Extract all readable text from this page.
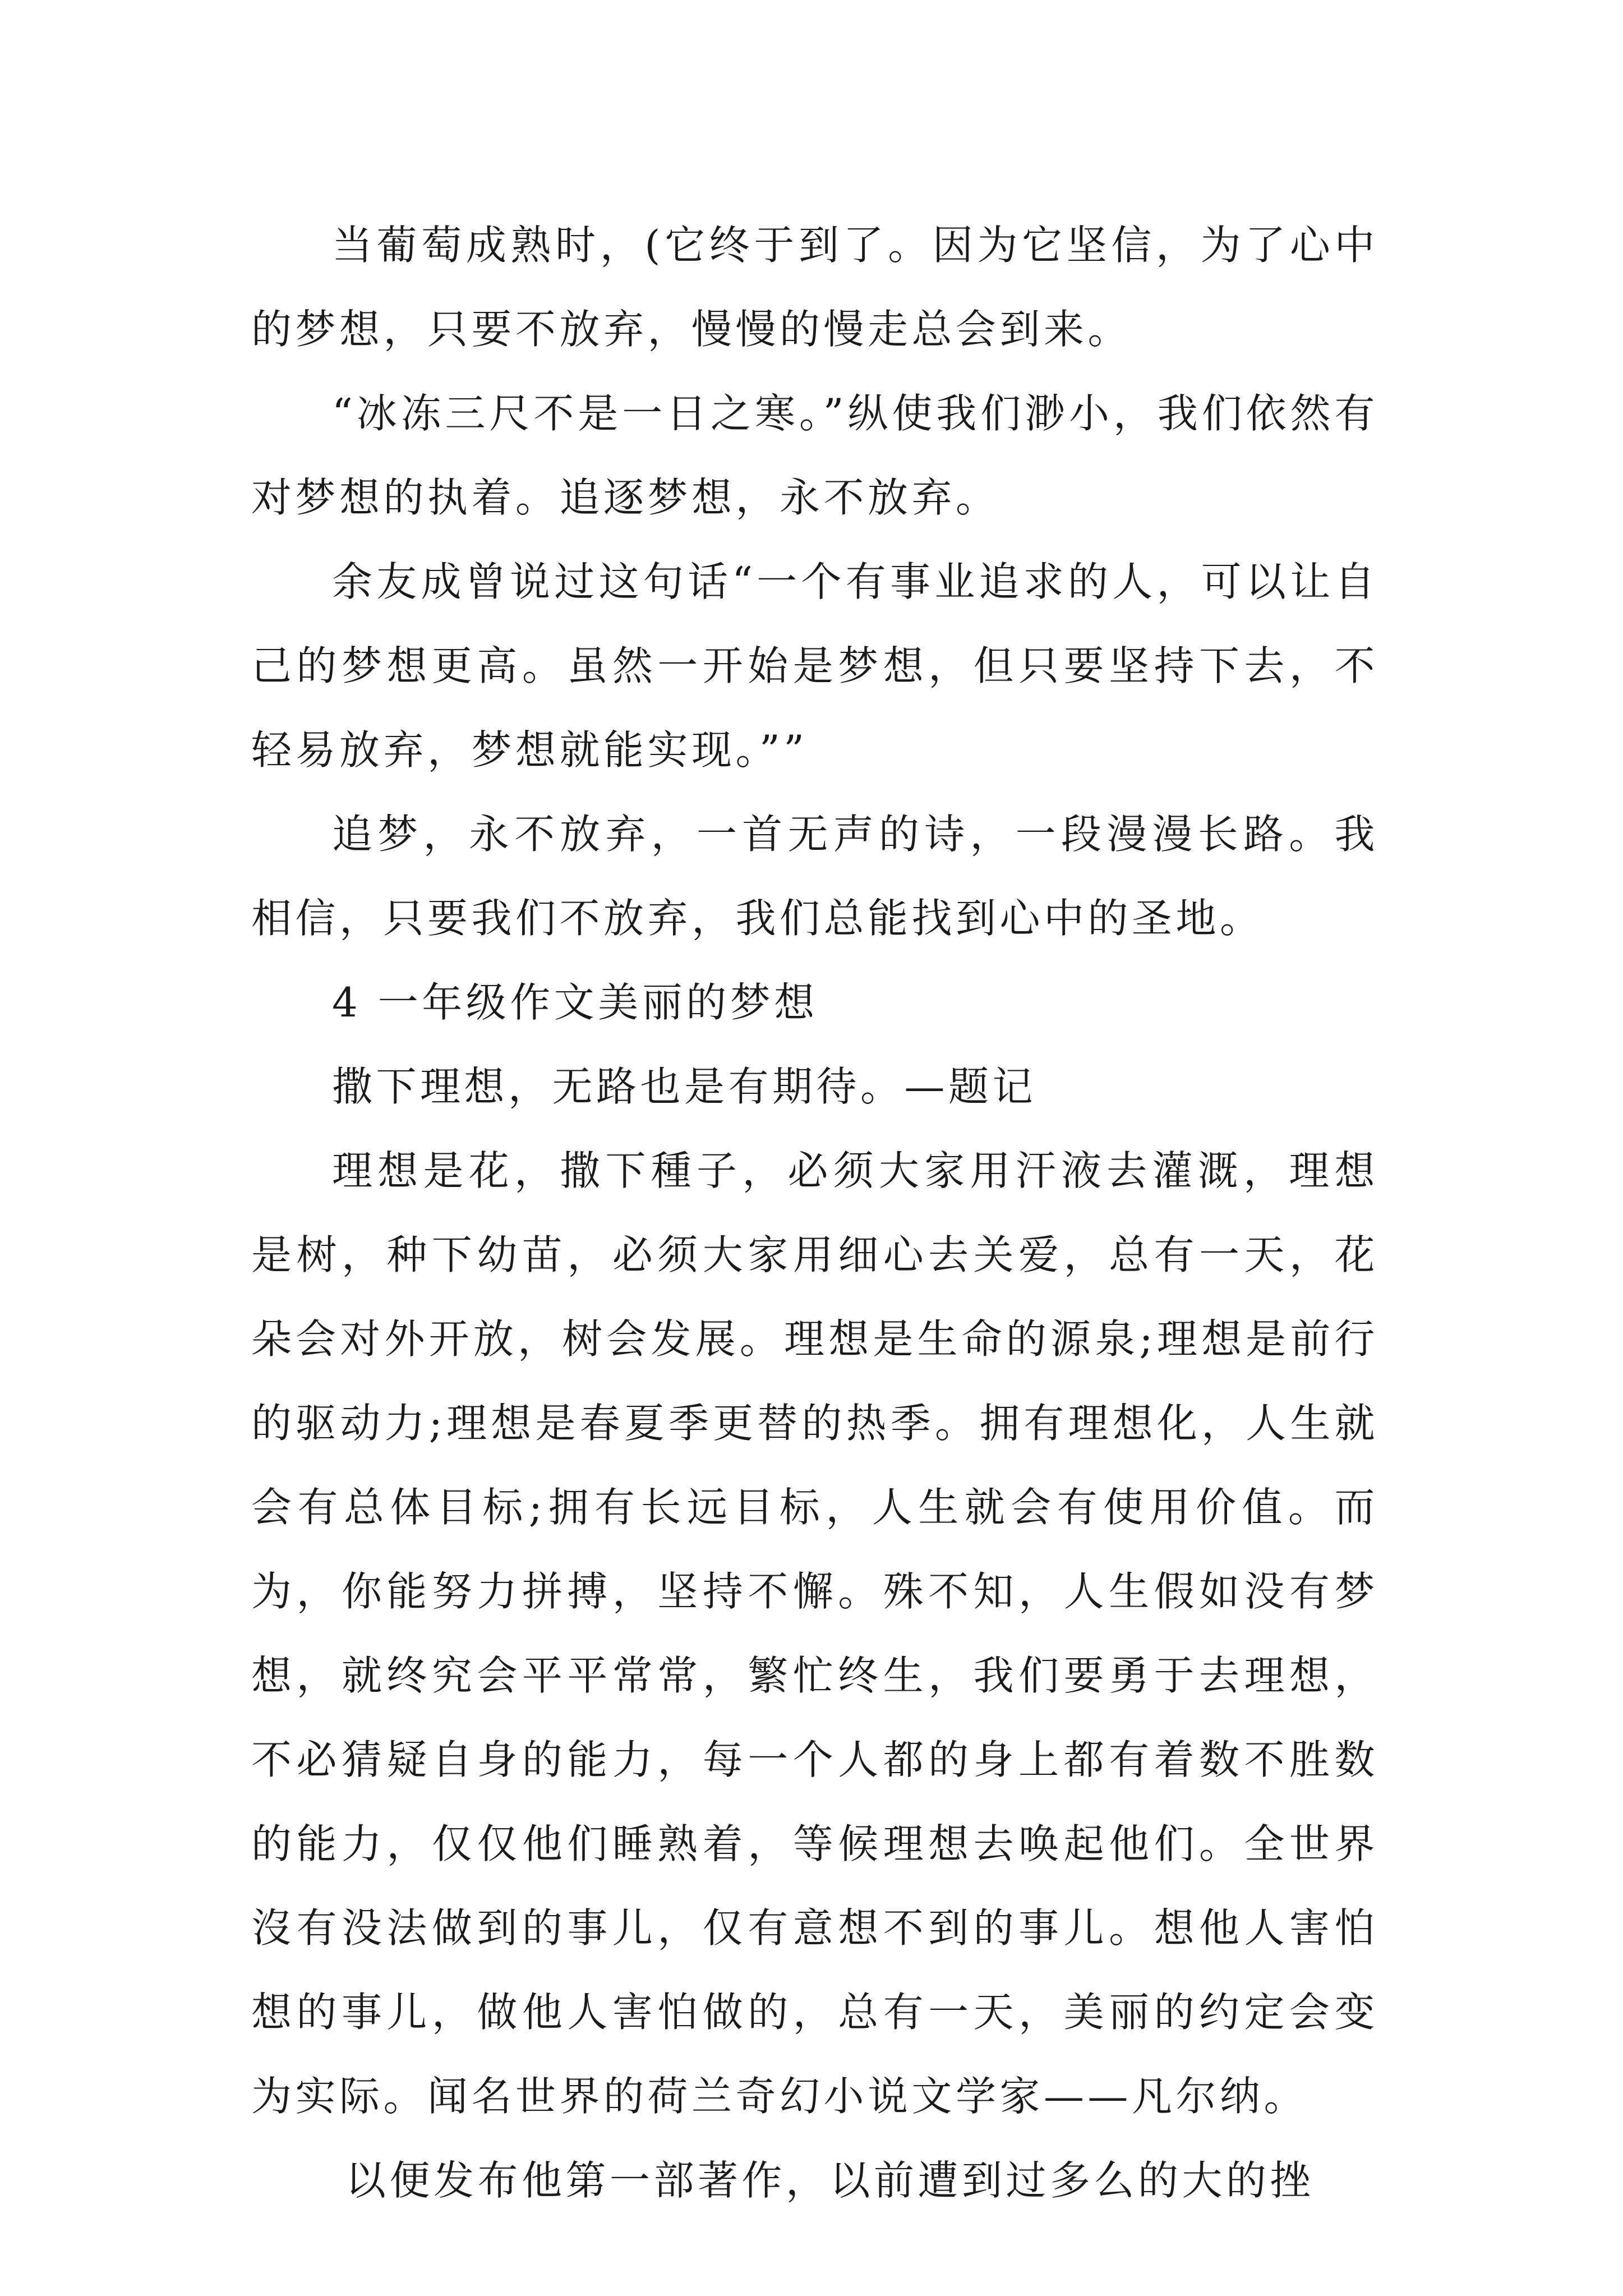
当葡萄成熟时，(它终于到了。因为它坚信，为了心中的梦想，只要不放弃，慢慢的慢走总会到来。

“冰冻三尺不是一日之寒。”纵使我们渺小，我们依然有对梦想的执着。追逐梦想，永不放弃。

余友成曾说过这句话“一个有事业追求的人，可以让自己的梦想更高。虽然一开始是梦想，但只要坚持下去，不轻易放弃，梦想就能实现。””

追梦，永不放弃，一首无声的诗，一段漫漫长路。我相信，只要我们不放弃，我们总能找到心中的圣地。

4 一年级作文美丽的梦想

撒下理想，无路也是有期待。—题记

理想是花，撒下種子，必须大家用汗液去灌溉，理想是树，种下幼苗，必须大家用细心去关爱，总有一天，花朵会对外开放，树会发展。理想是生命的源泉;理想是前行的驱动力;理想是春夏季更替的热季。拥有理想化，人生就会有总体目标;拥有长远目标，人生就会有使用价值。而为，你能努力拼搏，坚持不懈。殊不知，人生假如没有梦想，就终究会平平常常，繁忙终生，我们要勇于去理想，不必猜疑自身的能力，每一个人都的身上都有着数不胜数的能力，仅仅他们睡熟着，等候理想去唤起他们。全世界沒有没法做到的事儿，仅有意想不到的事儿。想他人害怕想的事儿，做他人害怕做的，总有一天，美丽的约定会变为实际。闻名世界的荷兰奇幻小说文学家——凡尔纳。

以便发布他第一部著作，以前遭到过多么的大的挫
